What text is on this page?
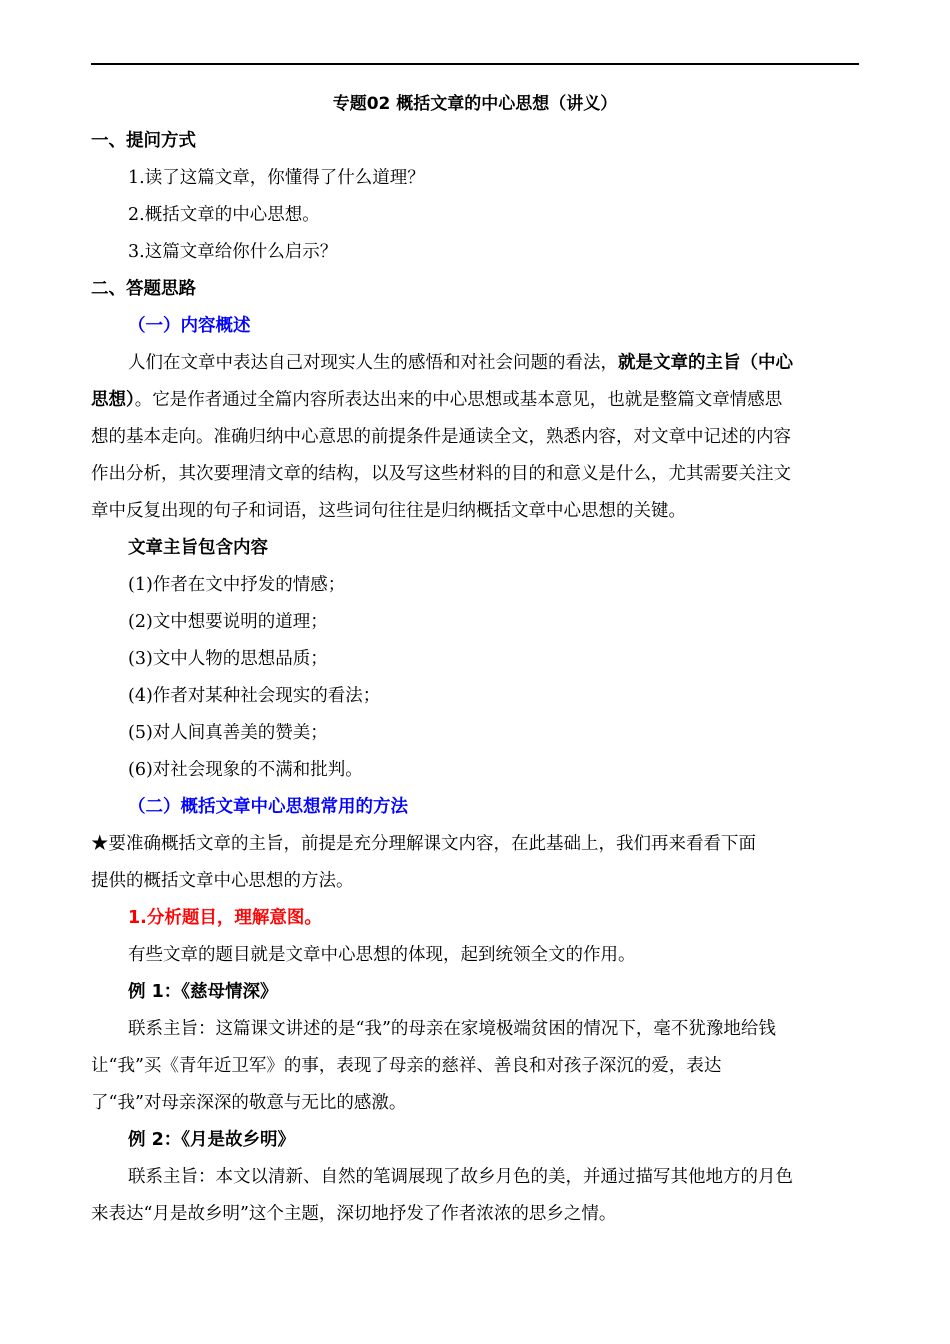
专题02 概括文章的中心思想（讲义）
一、提问方式
1.读了这篇文章，你懂得了什么道理？
2.概括文章的中心思想。
3.这篇文章给你什么启示？
二、答题思路
（一）内容概述
人们在文章中表达自己对现实人生的感悟和对社会问题的看法，就是文章的主旨（中心
思想）。它是作者通过全篇内容所表达出来的中心思想或基本意见，也就是整篇文章情感思
想的基本走向。准确归纳中心意思的前提条件是通读全文，熟悉内容，对文章中记述的内容
作出分析，其次要理清文章的结构，以及写这些材料的目的和意义是什么，尤其需要关注文
章中反复出现的句子和词语，这些词句往往是归纳概括文章中心思想的关键。
文章主旨包含内容
(1)作者在文中抒发的情感；
(2)文中想要说明的道理；
(3)文中人物的思想品质；
(4)作者对某种社会现实的看法；
(5)对人间真善美的赞美；
(6)对社会现象的不满和批判。
（二）概括文章中心思想常用的方法
★要准确概括文章的主旨，前提是充分理解课文内容，在此基础上，我们再来看看下面
提供的概括文章中心思想的方法。
1.分析题目，理解意图。
有些文章的题目就是文章中心思想的体现，起到统领全文的作用。
例 1：《慈母情深》
联系主旨：这篇课文讲述的是“我”的母亲在家境极端贫困的情况下，毫不犹豫地给钱
让“我”买《青年近卫军》的事，表现了母亲的慈祥、善良和对孩子深沉的爱，表达
了“我”对母亲深深的敬意与无比的感激。
例 2：《月是故乡明》
联系主旨：本文以清新、自然的笔调展现了故乡月色的美，并通过描写其他地方的月色
来表达“月是故乡明”这个主题，深切地抒发了作者浓浓的思乡之情。
